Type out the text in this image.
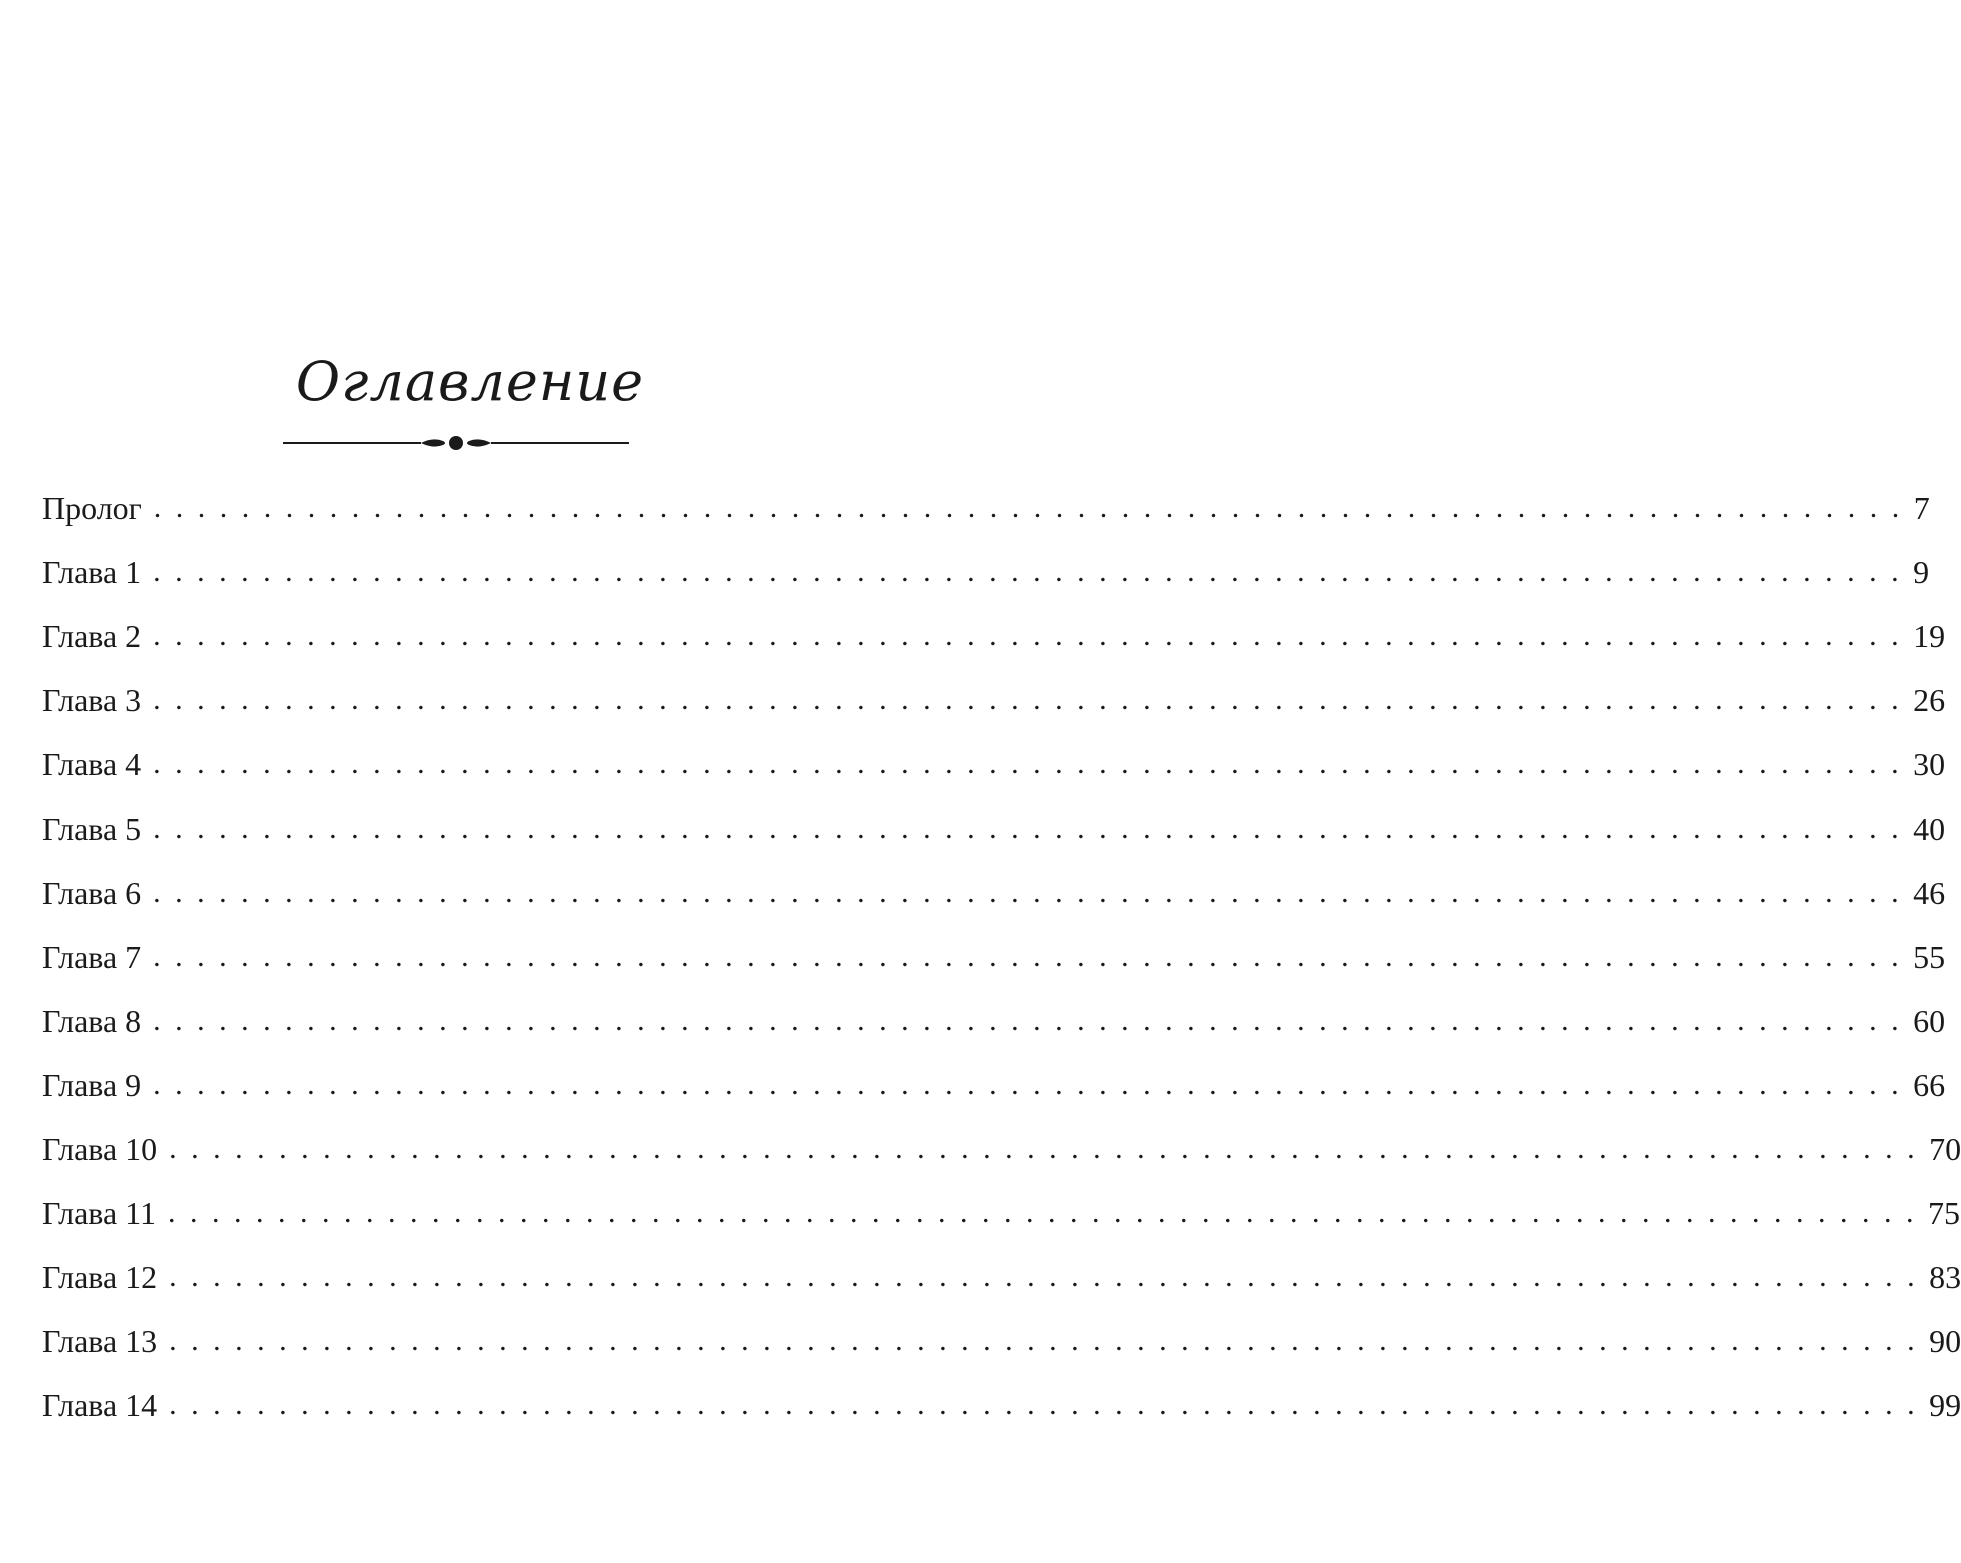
Оглавление
Пролог ................................................................................ 7
Глава 1 ................................................................................ 9
Глава 2 ................................................................................ 19
Глава 3 ................................................................................ 26
Глава 4 ................................................................................ 30
Глава 5 ................................................................................ 40
Глава 6 ................................................................................ 46
Глава 7 ................................................................................ 55
Глава 8 ................................................................................ 60
Глава 9 ................................................................................ 66
Глава 10 ................................................................................ 70
Глава 11 ................................................................................ 75
Глава 12 ................................................................................ 83
Глава 13 ................................................................................ 90
Глава 14 ................................................................................ 99
